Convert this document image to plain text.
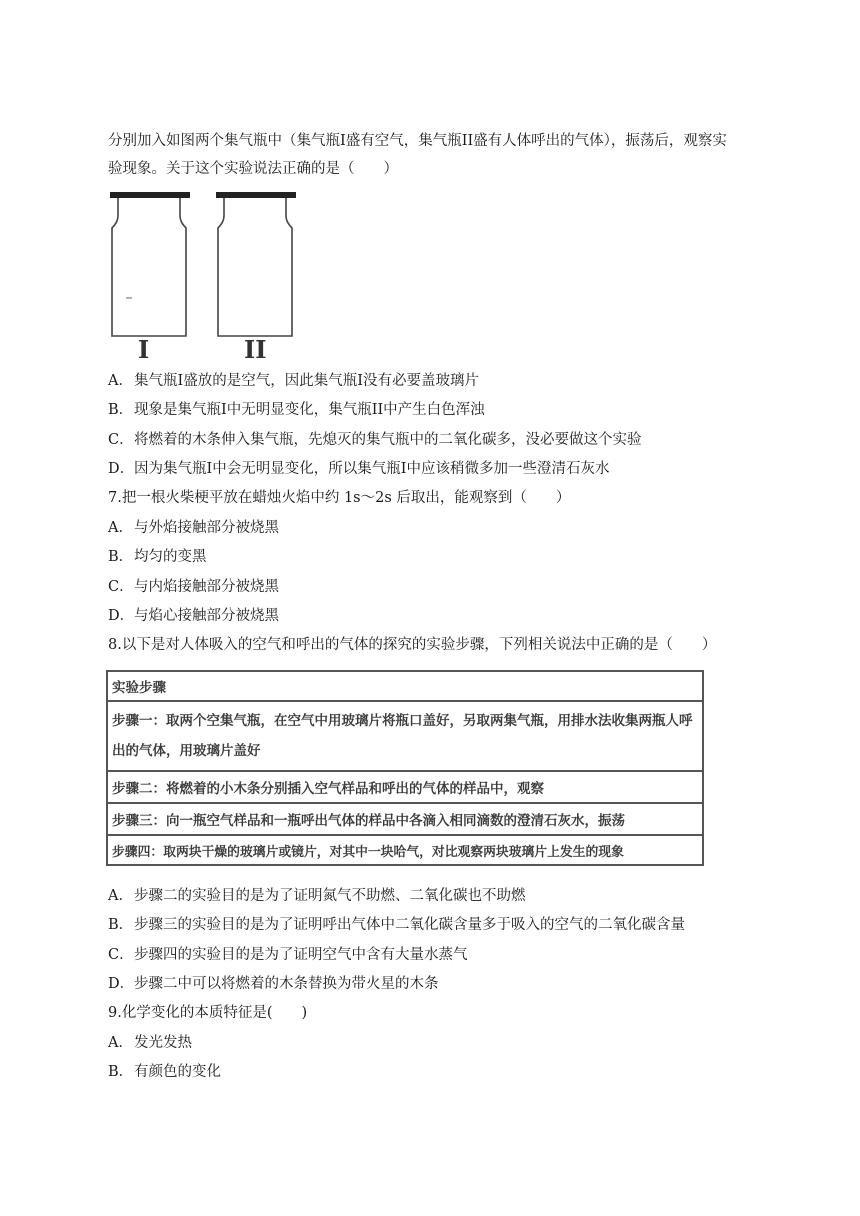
分别加入如图两个集气瓶中（集气瓶I盛有空气，集气瓶II盛有人体呼出的气体），振荡后，观察实
验现象。关于这个实验说法正确的是（　　）
I	II
A．集气瓶I盛放的是空气，因此集气瓶I没有必要盖玻璃片
B．现象是集气瓶I中无明显变化，集气瓶II中产生白色浑浊
C．将燃着的木条伸入集气瓶，先熄灭的集气瓶中的二氧化碳多，没必要做这个实验
D．因为集气瓶I中会无明显变化，所以集气瓶I中应该稍微多加一些澄清石灰水
7.把一根火柴梗平放在蜡烛火焰中约 1s～2s 后取出，能观察到（　　）
A．与外焰接触部分被烧黑
B．均匀的变黑
C．与内焰接触部分被烧黑
D．与焰心接触部分被烧黑
8.以下是对人体吸入的空气和呼出的气体的探究的实验步骤，下列相关说法中正确的是（　　）
实验步骤
步骤一：取两个空集气瓶，在空气中用玻璃片将瓶口盖好，另取两集气瓶，用排水法收集两瓶人呼出的气体，用玻璃片盖好
步骤二：将燃着的小木条分别插入空气样品和呼出的气体的样品中，观察
步骤三：向一瓶空气样品和一瓶呼出气体的样品中各滴入相同滴数的澄清石灰水，振荡
步骤四：取两块干燥的玻璃片或镜片，对其中一块哈气，对比观察两块玻璃片上发生的现象
A．步骤二的实验目的是为了证明氮气不助燃、二氧化碳也不助燃
B．步骤三的实验目的是为了证明呼出气体中二氧化碳含量多于吸入的空气的二氧化碳含量
C．步骤四的实验目的是为了证明空气中含有大量水蒸气
D．步骤二中可以将燃着的木条替换为带火星的木条
9.化学变化的本质特征是(　　)
A．发光发热
B．有颜色的变化
